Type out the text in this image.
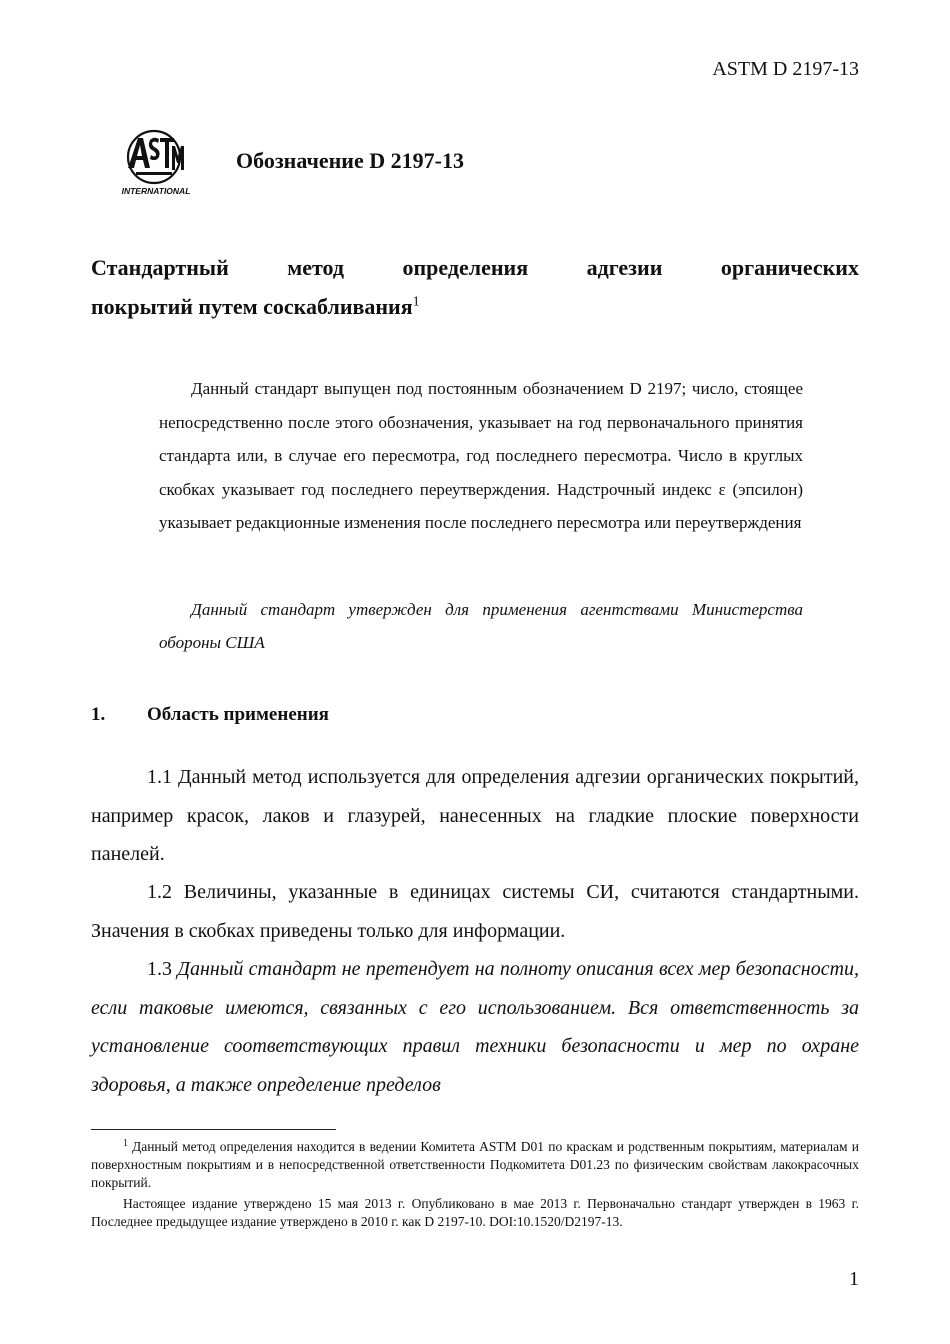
ASTM D 2197-13
INTERNATIONAL
Обозначение D 2197-13
Стандартный метод определения адгезии органических
покрытий путем соскабливания$^1$

Данный стандарт выпущен под постоянным обозначением D 2197; число, стоящее непосредственно после этого обозначения, указывает на год первоначального принятия стандарта или, в случае его пересмотра, год последнего пересмотра. Число в круглых скобках указывает год последнего переутверждения. Надстрочный индекс ε (эпсилон) указывает редакционные изменения после последнего пересмотра или переутверждения

Данный стандарт утвержден для применения агентствами Министерства обороны США

1. Область применения

1.1 Данный метод используется для определения адгезии органических покрытий, например красок, лаков и глазурей, нанесенных на гладкие плоские поверхности панелей.

1.2 Величины, указанные в единицах системы СИ, считаются стандартными. Значения в скобках приведены только для информации.

1.3 Данный стандарт не претендует на полноту описания всех мер безопасности, если таковые имеются, связанных с его использованием. Вся ответственность за установление соответствующих правил техники безопасности и мер по охране здоровья, а также определение пределов

$^1$ Данный метод определения находится в ведении Комитета ASTM D01 по краскам и родственным покрытиям, материалам и поверхностным покрытиям и в непосредственной ответственности Подкомитета D01.23 по физическим свойствам лакокрасочных покрытий.

Настоящее издание утверждено 15 мая 2013 г. Опубликовано в мае 2013 г. Первоначально стандарт утвержден в 1963 г. Последнее предыдущее издание утверждено в 2010 г. как D 2197-10. DOI:10.1520/D2197-13.

1
